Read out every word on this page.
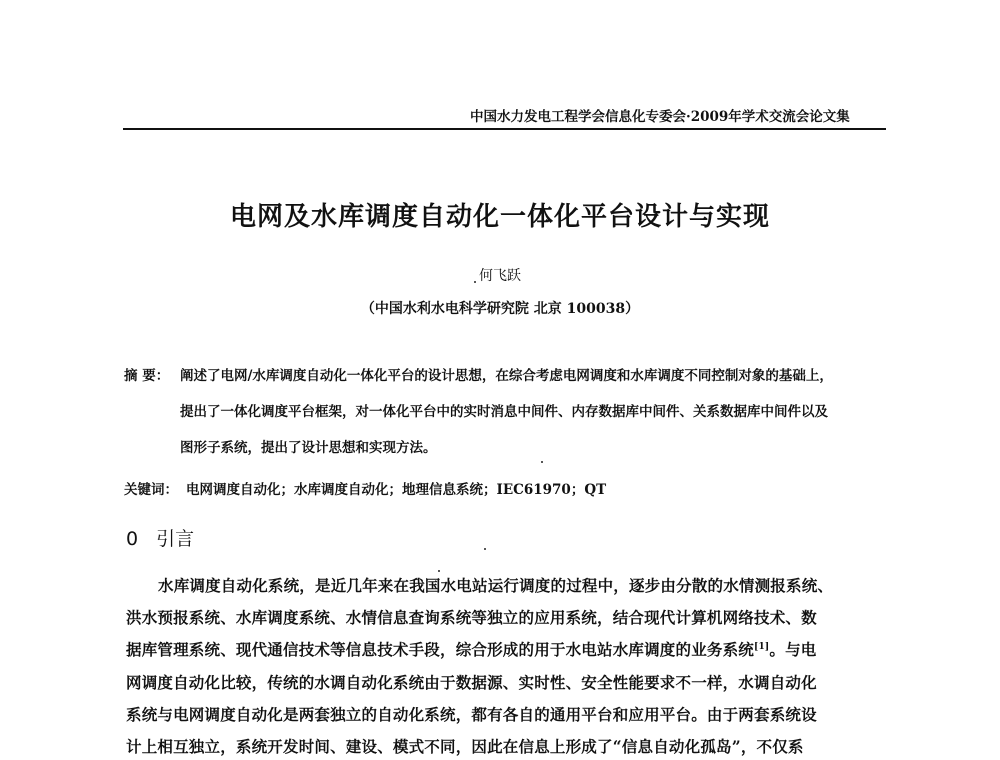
中国水力发电工程学会信息化专委会·2009年学术交流会论文集
电网及水库调度自动化一体化平台设计与实现
何飞跃
（中国水利水电科学研究院 北京 100038）
摘 要： 阐述了电网/水库调度自动化一体化平台的设计思想，在综合考虑电网调度和水库调度不同控制对象的基础上，
提出了一体化调度平台框架，对一体化平台中的实时消息中间件、内存数据库中间件、关系数据库中间件以及
图形子系统，提出了设计思想和实现方法。
关键词： 电网调度自动化；水库调度自动化；地理信息系统；IEC61970；QT
0 引言
水库调度自动化系统，是近几年来在我国水电站运行调度的过程中，逐步由分散的水情测报系统、
洪水预报系统、水库调度系统、水情信息查询系统等独立的应用系统，结合现代计算机网络技术、数
据库管理系统、现代通信技术等信息技术手段，综合形成的用于水电站水库调度的业务系统[1]。与电
网调度自动化比较，传统的水调自动化系统由于数据源、实时性、安全性能要求不一样，水调自动化
系统与电网调度自动化是两套独立的自动化系统，都有各自的通用平台和应用平台。由于两套系统设
计上相互独立，系统开发时间、建设、模式不同，因此在信息上形成了“信息自动化孤岛”，不仅系
